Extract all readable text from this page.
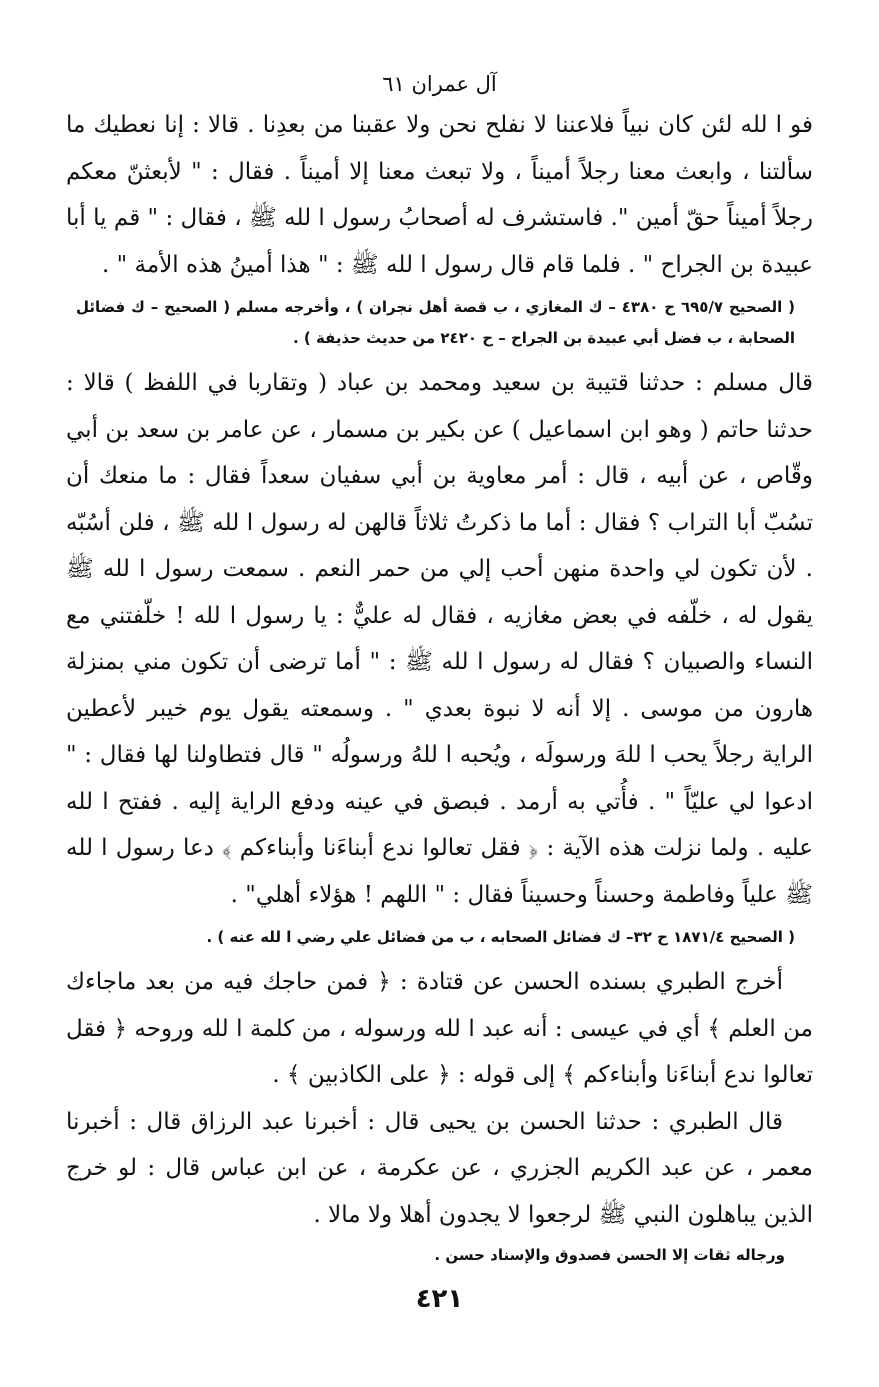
آل عمران ٦١

فو ا لله لئن كان نبياً فلاعننا لا نفلح نحن ولا عقبنا من بعدِنا . قالا : إنا نعطيك ما سألتنا ، وابعث معنا رجلاً أميناً ، ولا تبعث معنا إلا أميناً . فقال : " لأبعثنّ معكم رجلاً أميناً حقّ أمين ". فاستشرف له أصحابُ رسول ا لله ﷺ ، فقال : " قم يا أبا عبيدة بن الجراح " . فلما قام قال رسول ا لله ﷺ : " هذا أمينُ هذه الأمة " .

( الصحيح ٦٩٥/٧ ح ٤٣٨٠ – ك المغازي ، ب قصة أهل نجران ) ، وأخرجه مسلم ( الصحيح – ك فضائل الصحابة ، ب فضل أبي عبيدة بن الجراح – ح ٢٤٢٠ من حديث حذيفة ) .

قال مسلم : حدثنا قتيبة بن سعيد ومحمد بن عباد ( وتقاربا في اللفظ ) قالا : حدثنا حاتم ( وهو ابن اسماعيل ) عن بكير بن مسمار ، عن عامر بن سعد بن أبي وقّاص ، عن أبيه ، قال : أمر معاوية بن أبي سفيان سعداً فقال : ما منعك أن تسُبّ أبا التراب ؟ فقال : أما ما ذكرتُ ثلاثاً قالهن له رسول ا لله ﷺ ، فلن أسُبّه . لأن تكون لي واحدة منهن أحب إلي من حمر النعم . سمعت رسول ا لله ﷺ يقول له ، خلّفه في بعض مغازيه ، فقال له عليٌّ : يا رسول ا لله ! خلّفتني مع النساء والصبيان ؟ فقال له رسول ا لله ﷺ : " أما ترضى أن تكون مني بمنزلة هارون من موسى . إلا أنه لا نبوة بعدي " . وسمعته يقول يوم خيبر لأعطين الراية رجلاً يحب ا للهَ ورسولَه ، ويُحبه ا للهُ ورسولُه " قال فتطاولنا لها فقال : " ادعوا لي عليّاً " . فأُتي به أرمد . فبصق في عينه ودفع الراية إليه . ففتح ا لله عليه . ولما نزلت هذه الآية : ﴿ فقل تعالوا ندع أبناءَنا وأبناءكم ﴾ دعا رسول ا لله ﷺ علياً وفاطمة وحسناً وحسيناً فقال : " اللهم ! هؤلاء أهلي" .

( الصحيح ١٨٧١/٤ ح ٣٢– ك فضائل الصحابه ، ب من فضائل علي رضي ا لله عنه ) .

أخرج الطبري بسنده الحسن عن قتادة : ﴿ فمن حاجك فيه من بعد ماجاءك من العلم ﴾ أي في عيسى : أنه عبد ا لله ورسوله ، من كلمة ا لله وروحه ﴿ فقل تعالوا ندع أبناءَنا وأبناءكم ﴾ إلى قوله : ﴿ على الكاذبين ﴾ .

قال الطبري : حدثنا الحسن بن يحيى قال : أخبرنا عبد الرزاق قال : أخبرنا معمر ، عن عبد الكريم الجزري ، عن عكرمة ، عن ابن عباس قال : لو خرج الذين يباهلون النبي ﷺ لرجعوا لا يجدون أهلا ولا مالا .

ورجاله ثقات إلا الحسن فصدوق والإسناد حسن .

٤٢١
